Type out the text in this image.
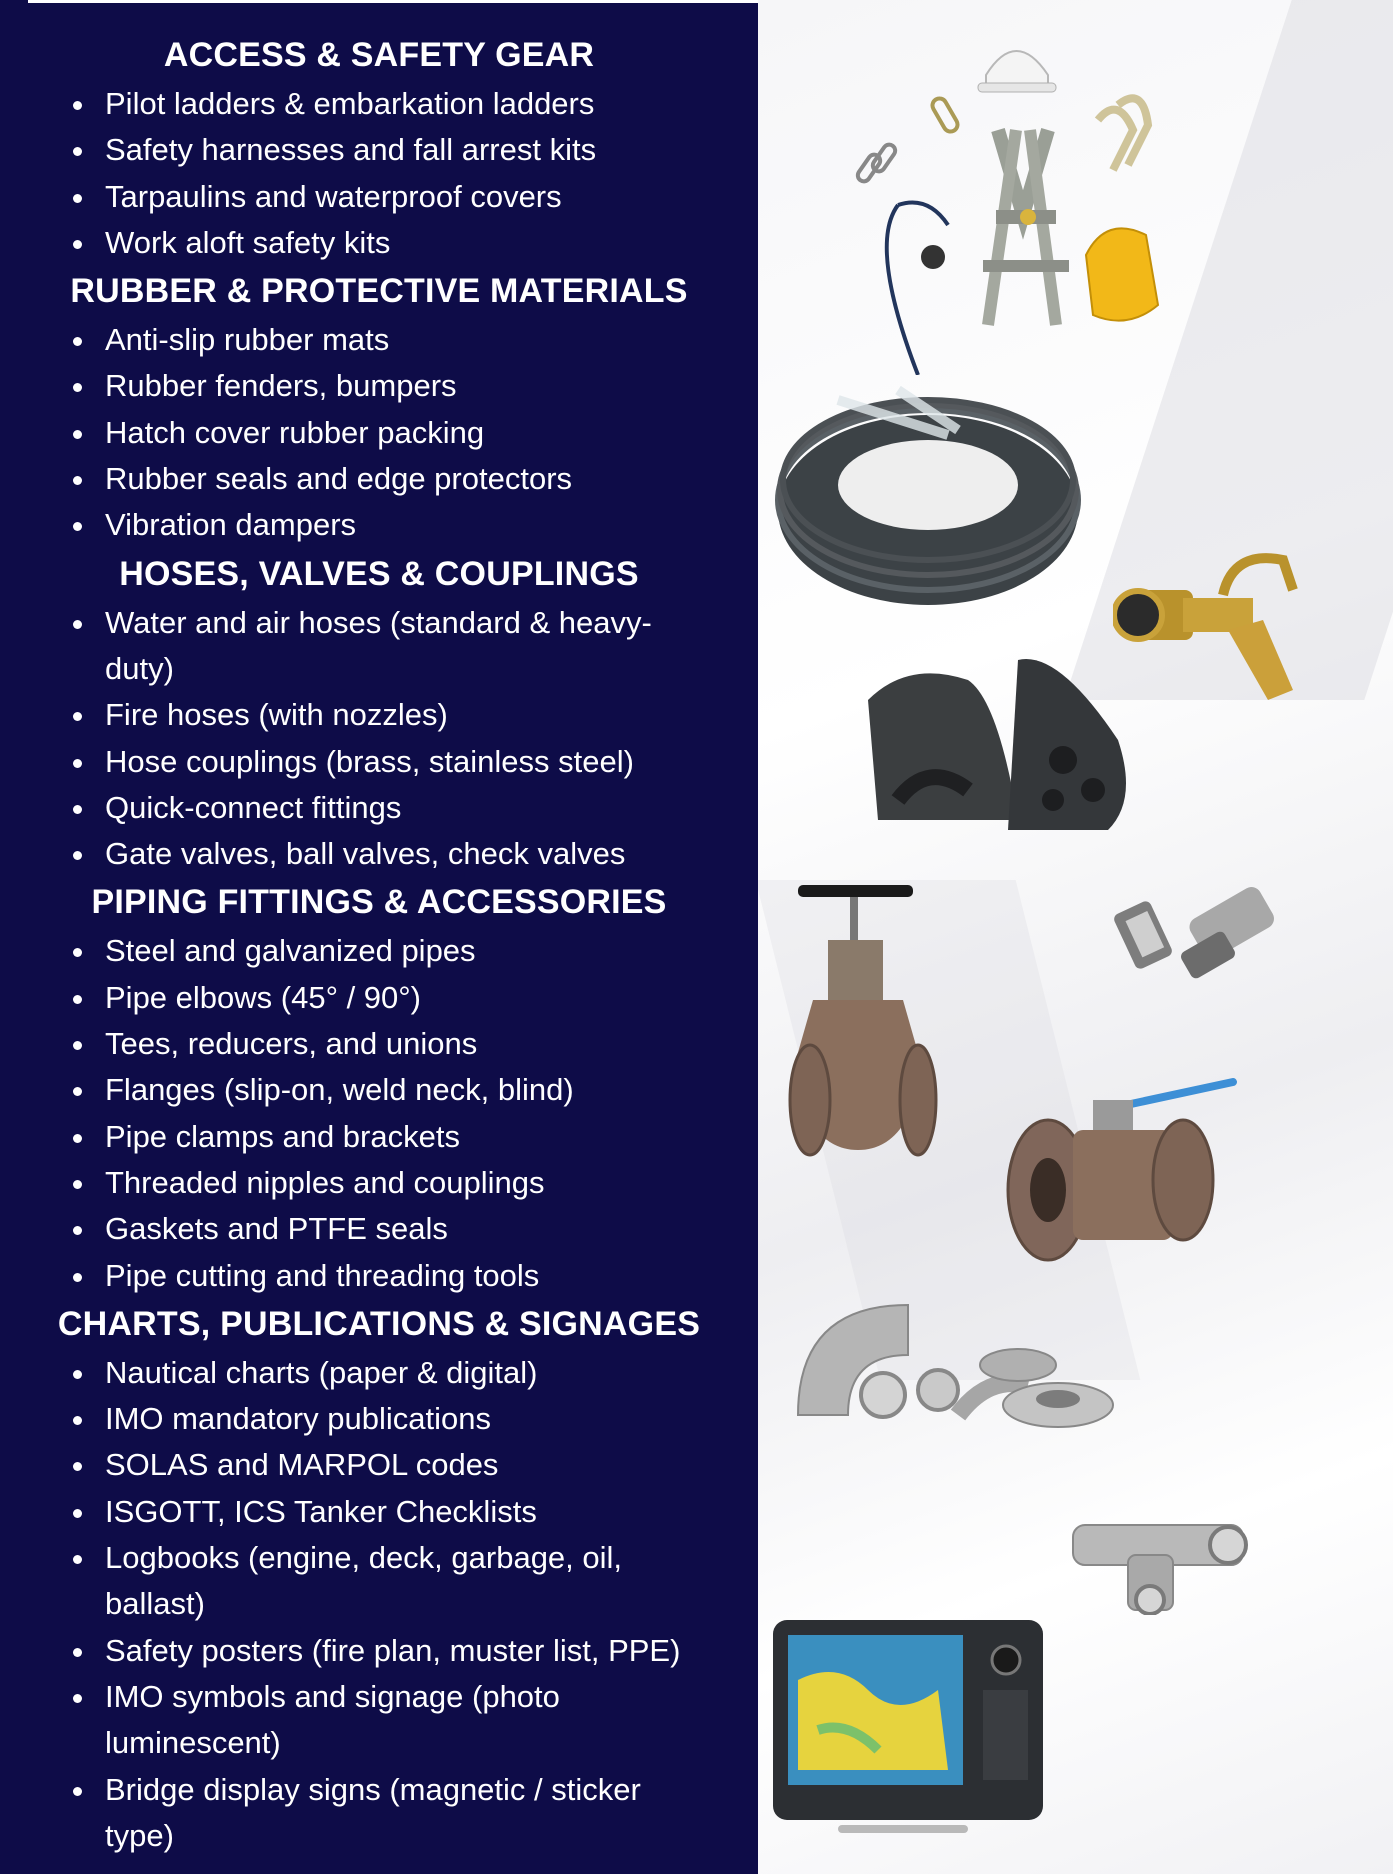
ACCESS & SAFETY GEAR
Pilot ladders & embarkation ladders
Safety harnesses and fall arrest kits
Tarpaulins and waterproof covers
Work aloft safety kits
RUBBER & PROTECTIVE MATERIALS
Anti-slip rubber mats
Rubber fenders, bumpers
Hatch cover rubber packing
Rubber seals and edge protectors
Vibration dampers
HOSES, VALVES & COUPLINGS
Water and air hoses (standard & heavy-duty)
Fire hoses (with nozzles)
Hose couplings (brass, stainless steel)
Quick-connect fittings
Gate valves, ball valves, check valves
PIPING FITTINGS & ACCESSORIES
Steel and galvanized pipes
Pipe elbows (45° / 90°)
Tees, reducers, and unions
Flanges (slip-on, weld neck, blind)
Pipe clamps and brackets
Threaded nipples and couplings
Gaskets and PTFE seals
Pipe cutting and threading tools
CHARTS, PUBLICATIONS & SIGNAGES
Nautical charts (paper & digital)
IMO mandatory publications
SOLAS and MARPOL codes
ISGOTT, ICS Tanker Checklists
Logbooks (engine, deck, garbage, oil, ballast)
Safety posters (fire plan, muster list, PPE)
IMO symbols and signage (photo luminescent)
Bridge display signs (magnetic / sticker type)
